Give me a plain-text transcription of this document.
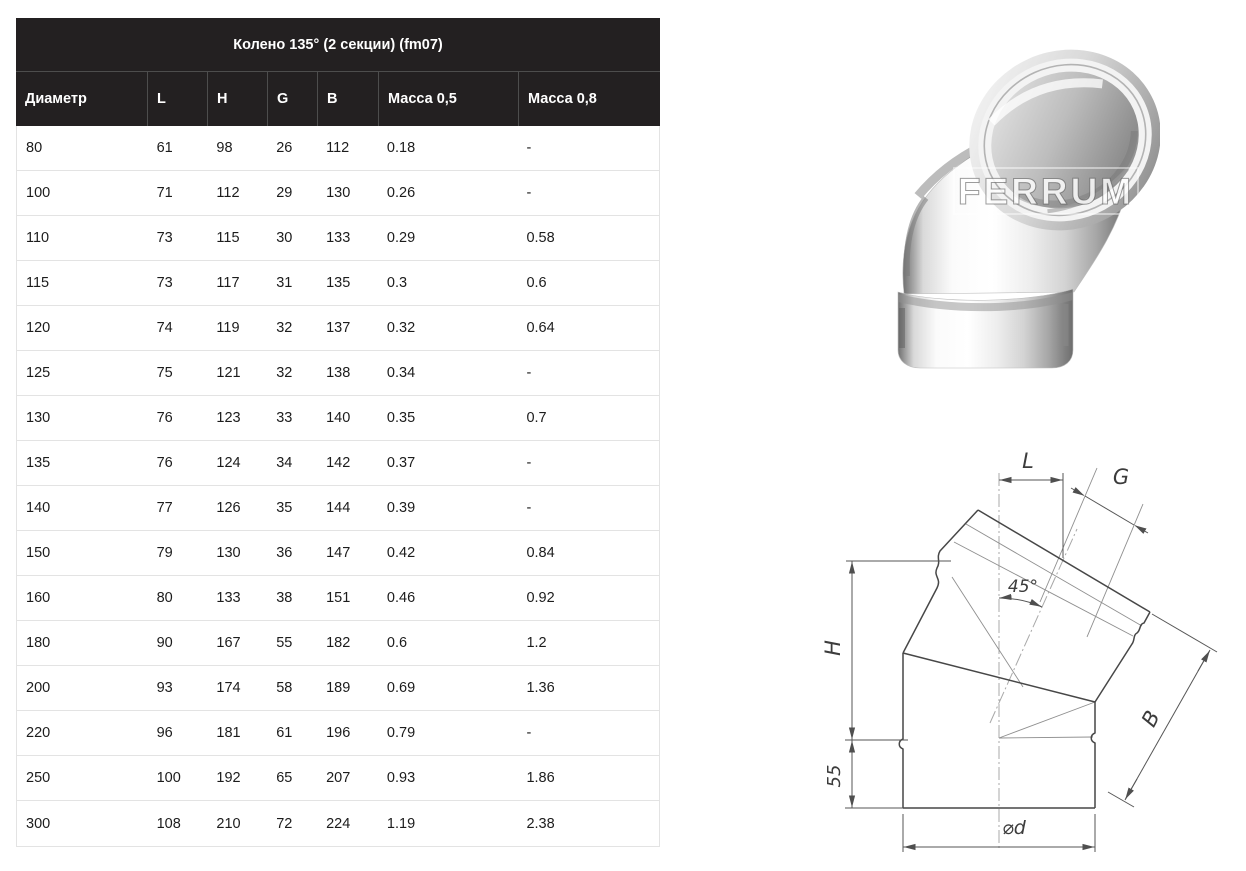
Колено 135° (2 секции) (fm07)
Диаметр	L	H	G	B	Масса 0,5	Масса 0,8
80	61	98	26	112	0.18	-
100	71	112	29	130	0.26	-
110	73	115	30	133	0.29	0.58
115	73	117	31	135	0.3	0.6
120	74	119	32	137	0.32	0.64
125	75	121	32	138	0.34	-
130	76	123	33	140	0.35	0.7
135	76	124	34	142	0.37	-
140	77	126	35	144	0.39	-
150	79	130	36	147	0.42	0.84
160	80	133	38	151	0.46	0.92
180	90	167	55	182	0.6	1.2
200	93	174	58	189	0.69	1.36
220	96	181	61	196	0.79	-
250	100	192	65	207	0.93	1.86
300	108	210	72	224	1.19	2.38
FERRUM
L
G
45°
H
55
B
⌀d
